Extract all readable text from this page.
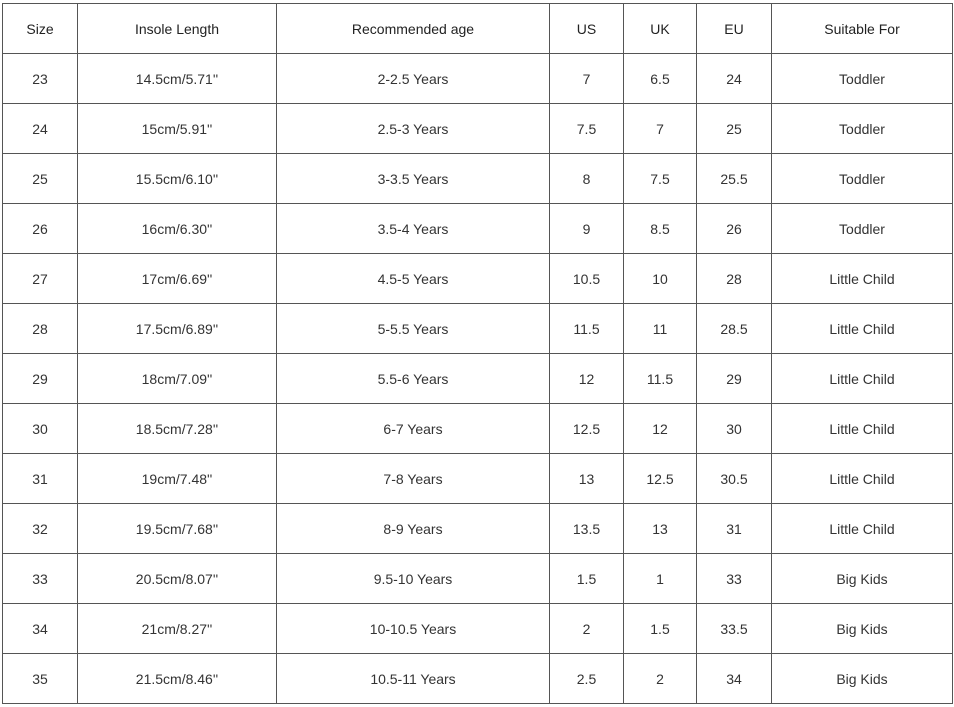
Size	Insole Length	Recommended age	US	UK	EU	Suitable For
23	14.5cm/5.71''	2-2.5 Years	7	6.5	24	Toddler
24	15cm/5.91''	2.5-3 Years	7.5	7	25	Toddler
25	15.5cm/6.10''	3-3.5 Years	8	7.5	25.5	Toddler
26	16cm/6.30''	3.5-4 Years	9	8.5	26	Toddler
27	17cm/6.69''	4.5-5 Years	10.5	10	28	Little Child
28	17.5cm/6.89''	5-5.5 Years	11.5	11	28.5	Little Child
29	18cm/7.09''	5.5-6 Years	12	11.5	29	Little Child
30	18.5cm/7.28''	6-7 Years	12.5	12	30	Little Child
31	19cm/7.48''	7-8 Years	13	12.5	30.5	Little Child
32	19.5cm/7.68''	8-9 Years	13.5	13	31	Little Child
33	20.5cm/8.07''	9.5-10 Years	1.5	1	33	Big Kids
34	21cm/8.27''	10-10.5 Years	2	1.5	33.5	Big Kids
35	21.5cm/8.46''	10.5-11 Years	2.5	2	34	Big Kids
